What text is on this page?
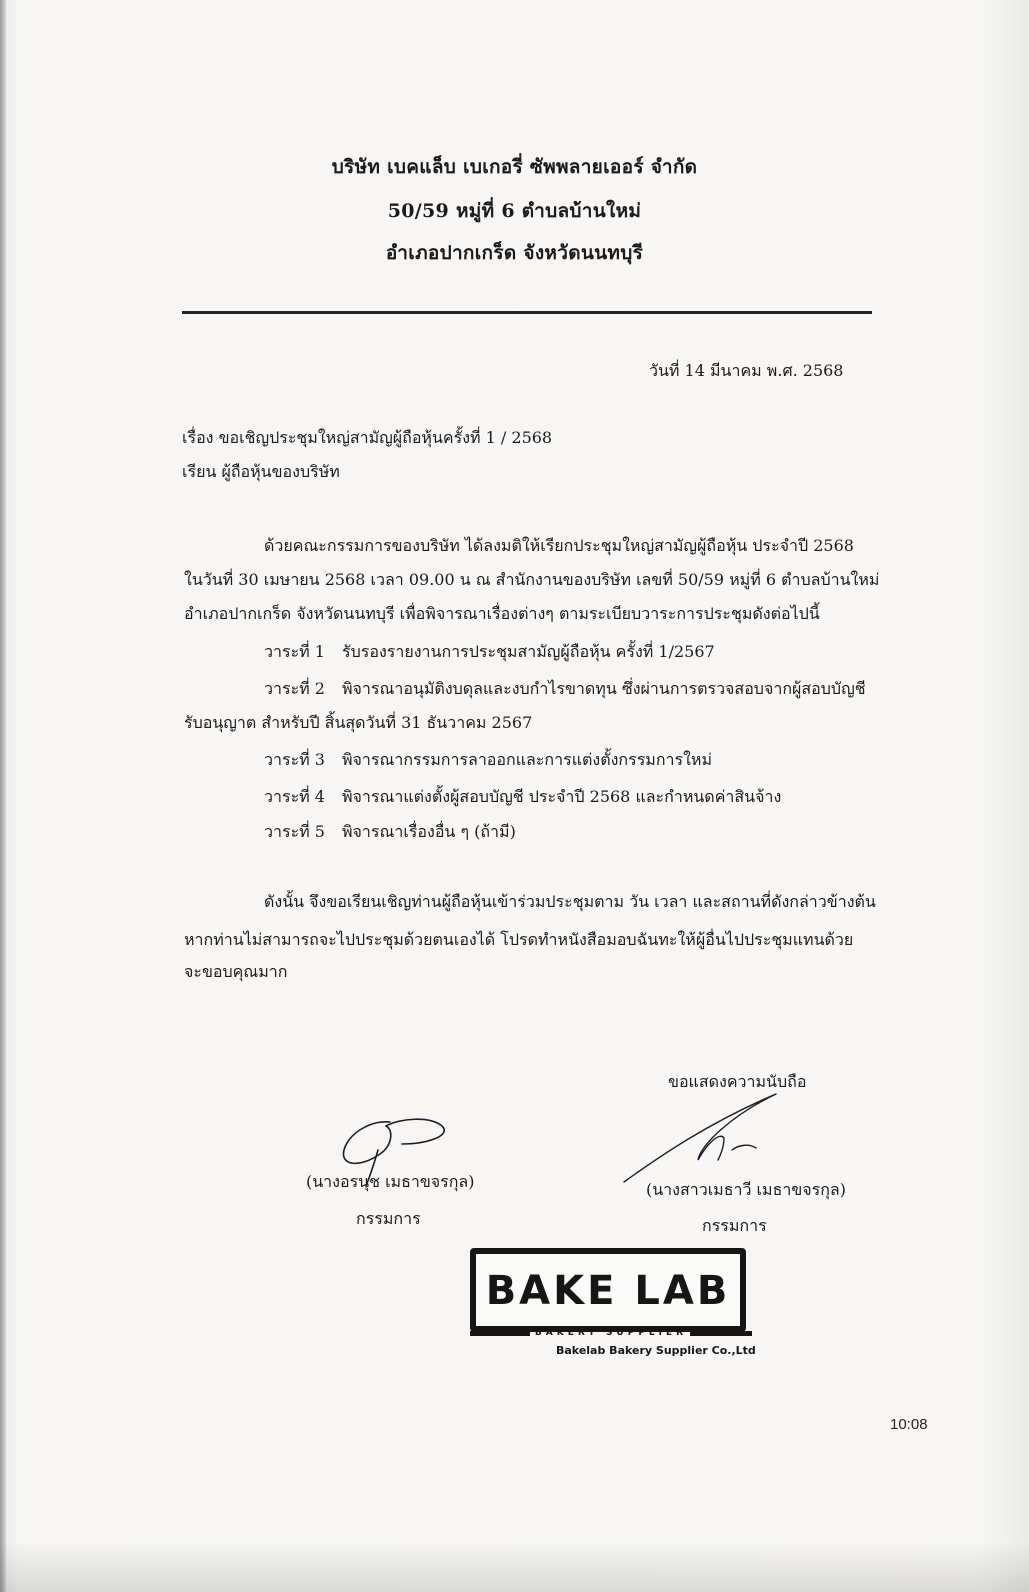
บริษัท เบคแล็บ เบเกอรี่ ซัพพลายเออร์ จำกัด
50/59 หมู่ที่ 6 ตำบลบ้านใหม่
อำเภอปากเกร็ด จังหวัดนนทบุรี
วันที่ 14 มีนาคม พ.ศ. 2568
เรื่อง ขอเชิญประชุมใหญ่สามัญผู้ถือหุ้นครั้งที่ 1 / 2568
เรียน ผู้ถือหุ้นของบริษัท
ด้วยคณะกรรมการของบริษัท ได้ลงมติให้เรียกประชุมใหญ่สามัญผู้ถือหุ้น ประจำปี 2568
ในวันที่ 30 เมษายน 2568 เวลา 09.00 น ณ สำนักงานของบริษัท เลขที่ 50/59 หมู่ที่ 6 ตำบลบ้านใหม่
อำเภอปากเกร็ด จังหวัดนนทบุรี เพื่อพิจารณาเรื่องต่างๆ ตามระเบียบวาระการประชุมดังต่อไปนี้
วาระที่ 1 รับรองรายงานการประชุมสามัญผู้ถือหุ้น ครั้งที่ 1/2567
วาระที่ 2 พิจารณาอนุมัติงบดุลและงบกำไรขาดทุน ซึ่งผ่านการตรวจสอบจากผู้สอบบัญชี
รับอนุญาต สำหรับปี สิ้นสุดวันที่ 31 ธันวาคม 2567
วาระที่ 3 พิจารณากรรมการลาออกและการแต่งตั้งกรรมการใหม่
วาระที่ 4 พิจารณาแต่งตั้งผู้สอบบัญชี ประจำปี 2568 และกำหนดค่าสินจ้าง
วาระที่ 5 พิจารณาเรื่องอื่น ๆ (ถ้ามี)
ดังนั้น จึงขอเรียนเชิญท่านผู้ถือหุ้นเข้าร่วมประชุมตาม วัน เวลา และสถานที่ดังกล่าวข้างต้น
หากท่านไม่สามารถจะไปประชุมด้วยตนเองได้ โปรดทำหนังสือมอบฉันทะให้ผู้อื่นไปประชุมแทนด้วย
จะขอบคุณมาก
ขอแสดงความนับถือ
(นางอรนุช เมธาขจรกุล)
กรรมการ
(นางสาวเมธาวี เมธาขจรกุล)
กรรมการ
BAKE LAB
BAKERY SUPPLIER
Bakelab Bakery Supplier Co.,Ltd
10:08
